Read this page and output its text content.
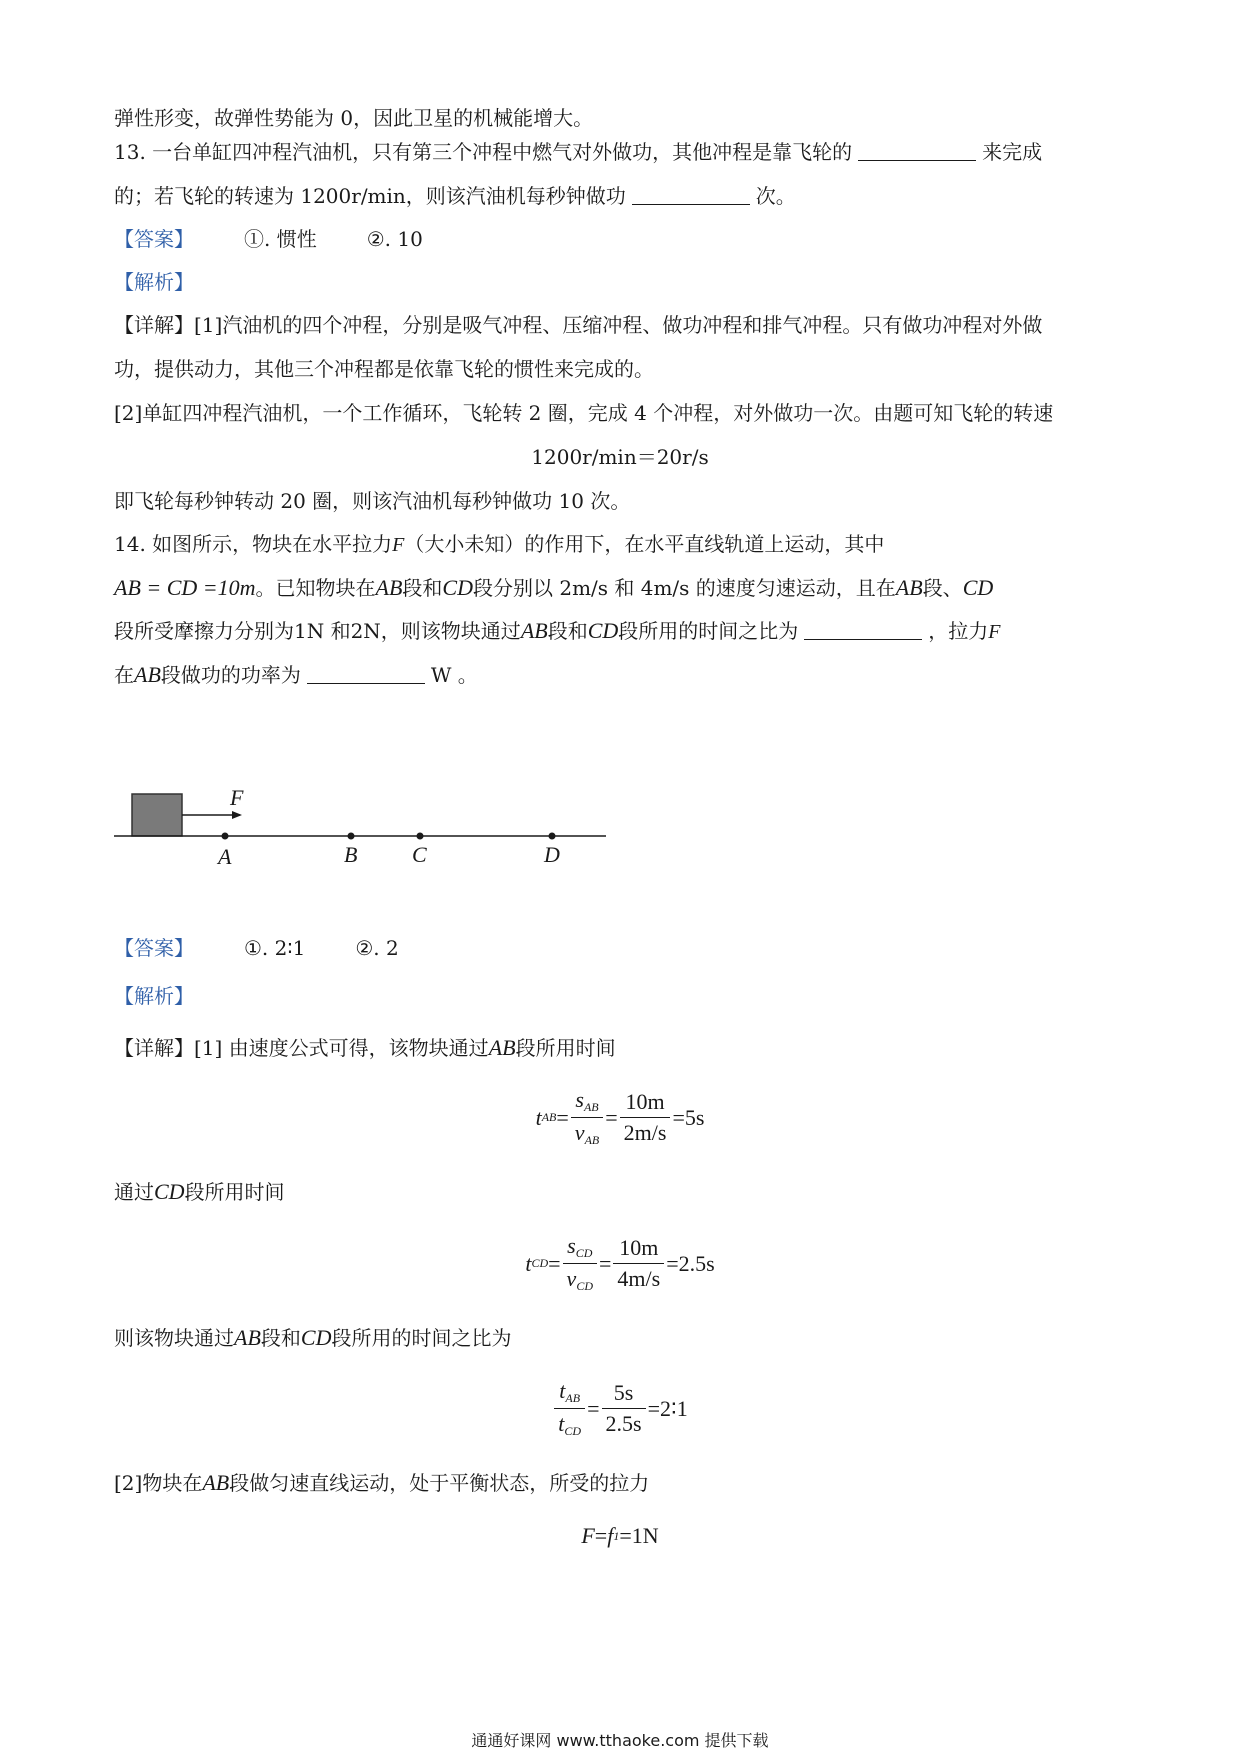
弹性形变，故弹性势能为 0，因此卫星的机械能增大。
13. 一台单缸四冲程汽油机，只有第三个冲程中燃气对外做功，其他冲程是靠飞轮的	来完成
的；若飞轮的转速为 1200r/min，则该汽油机每秒钟做功	次。
【答案】	①. 惯性	②. 10
【解析】
【详解】[1]汽油机的四个冲程，分别是吸气冲程、压缩冲程、做功冲程和排气冲程。只有做功冲程对外做
功，提供动力，其他三个冲程都是依靠飞轮的惯性来完成的。
[2]单缸四冲程汽油机，一个工作循环，飞轮转 2 圈，完成 4 个冲程，对外做功一次。由题可知飞轮的转速
1200r/min＝20r/s
即飞轮每秒钟转动 20 圈，则该汽油机每秒钟做功 10 次。
14. 如图所示，物块在水平拉力F（大小未知）的作用下，在水平直线轨道上运动，其中
AB = CD =10m。已知物块在AB段和CD段分别以 2m/s 和 4m/s 的速度匀速运动，且在AB段、CD
段所受摩擦力分别为1N 和2N，则该物块通过AB段和CD段所用的时间之比为	，拉力F
在AB段做功的功率为	W 。
F
A	B C	D
【答案】	①. 2∶1	②. 2
【解析】
【详解】[1] 由速度公式可得，该物块通过AB段所用时间
t AB = $\frac{s_{AB}}{v_{AB}} = \frac{10m}{2m/s} =5s$
通过CD段所用时间
t CD = $\frac{s_{CD}}{v_{CD}} = \frac{10m}{4m/s} =2.5s$
则该物块通过AB段和CD段所用的时间之比为
$\frac{t_{AB}}{t_{CD}} = \frac{5s}{2.5s}$ =2∶1
[2]物块在AB段做匀速直线运动，处于平衡状态，所受的拉力
F = f 1 = 1N
通通好课网 www.tthaoke.com 提供下载
